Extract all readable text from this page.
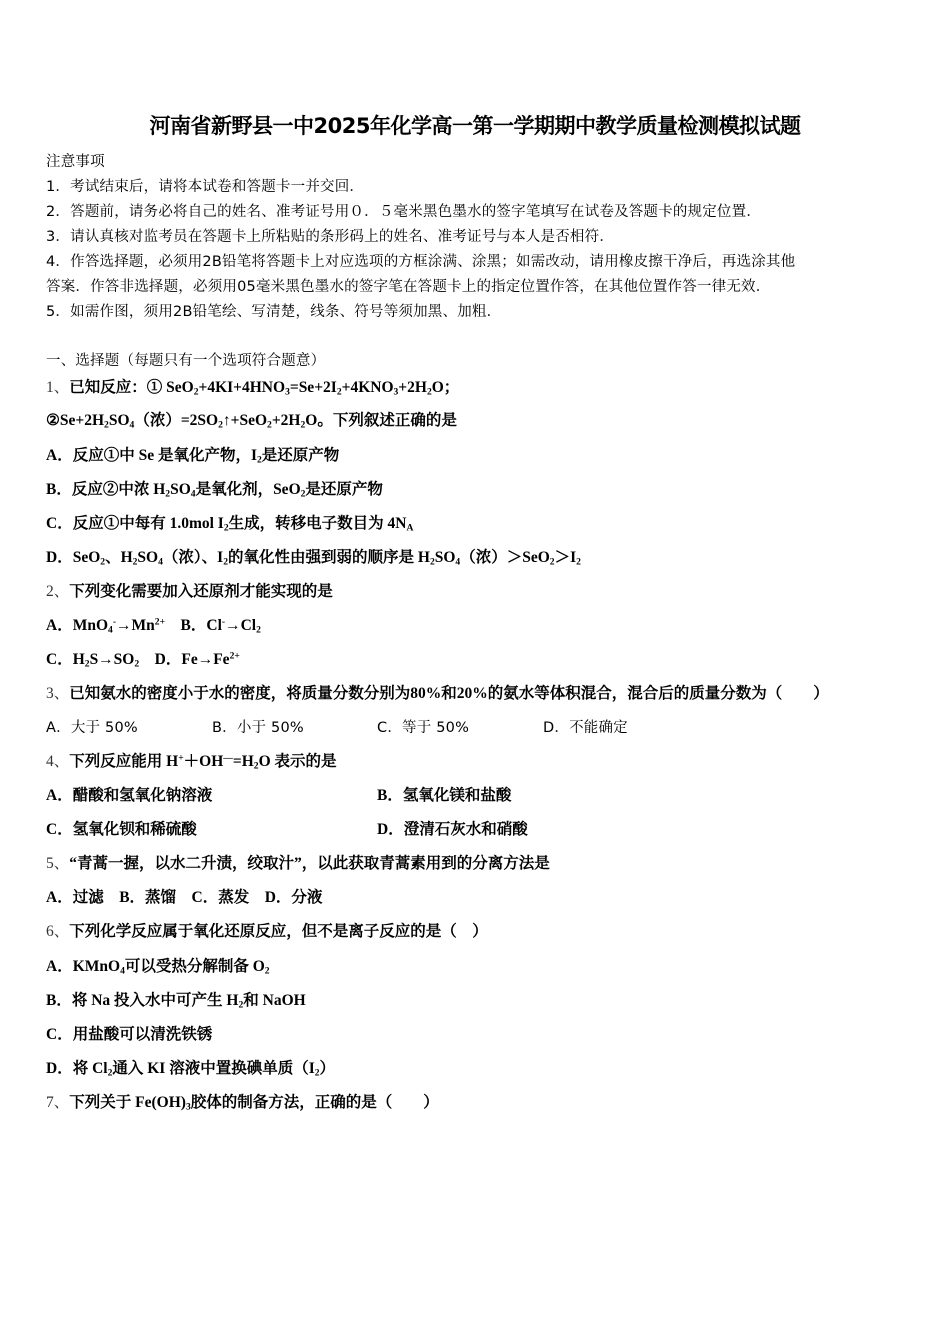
河南省新野县一中2025年化学高一第一学期期中教学质量检测模拟试题
注意事项
1．考试结束后，请将本试卷和答题卡一并交回．
2．答题前，请务必将自己的姓名、准考证号用０．５毫米黑色墨水的签字笔填写在试卷及答题卡的规定位置．
3．请认真核对监考员在答题卡上所粘贴的条形码上的姓名、准考证号与本人是否相符．
4．作答选择题，必须用2B铅笔将答题卡上对应选项的方框涂满、涂黑；如需改动，请用橡皮擦干净后，再选涂其他
答案．作答非选择题，必须用05毫米黑色墨水的签字笔在答题卡上的指定位置作答，在其他位置作答一律无效．
5．如需作图，须用2B铅笔绘、写清楚，线条、符号等须加黑、加粗．
一、选择题（每题只有一个选项符合题意）
1、已知反应：① $SeO_2+4KI+4HNO_3=Se+2I_2+4KNO_3+2H_2O$；
$②Se+2H_2SO_4$（浓）$=2SO_2↑+SeO_2+2H_2O$。下列叙述正确的是
A．反应①中 Se 是氧化产物，$I_2$是还原产物
B．反应②中浓 $H_2SO_4$是氧化剂，SeO$_2$是还原产物
C．反应①中每有 1.0mol $I_2$生成，转移电子数目为 $4N_A$
D．SeO$_2$、$H_2SO_4$（浓）、$I_2$的氧化性由强到弱的顺序是 $H_2SO_4$（浓）$>SeO_2>I_2$
2、下列变化需要加入还原剂才能实现的是
A．$MnO_4^-\to Mn^{2+}$　B．$Cl^-\to Cl_2$
C．$H_2S\to SO_2$　D．$Fe\to Fe^{2+}$
3、已知氨水的密度小于水的密度，将质量分数分别为80%和20%的氨水等体积混合，混合后的质量分数为（　　）
4、下列反应能用 $H^++OH^—=H_2O$ 表示的是
5、“青蒿一握，以水二升渍，绞取汁”，以此获取青蒿素用到的分离方法是
A．过滤　B．蒸馏　C．蒸发　D．分液
6、下列化学反应属于氧化还原反应，但不是离子反应的是（　）
A．KMnO$_4$可以受热分解制备 $O_2$
B．将 Na 投入水中可产生 $H_2$和 NaOH
C．用盐酸可以清洗铁锈
D．将 $Cl_2$通入 KI 溶液中置换碘单质$(I_2)$
7、下列关于 $Fe(OH)_3$胶体的制备方法，正确的是（　　）
A．大于 50%	B．小于 50%	C．等于 50%	D．不能确定
A．醋酸和氢氧化钠溶液	B．氢氧化镁和盐酸
C．氢氧化钡和稀硫酸	D．澄清石灰水和硝酸
